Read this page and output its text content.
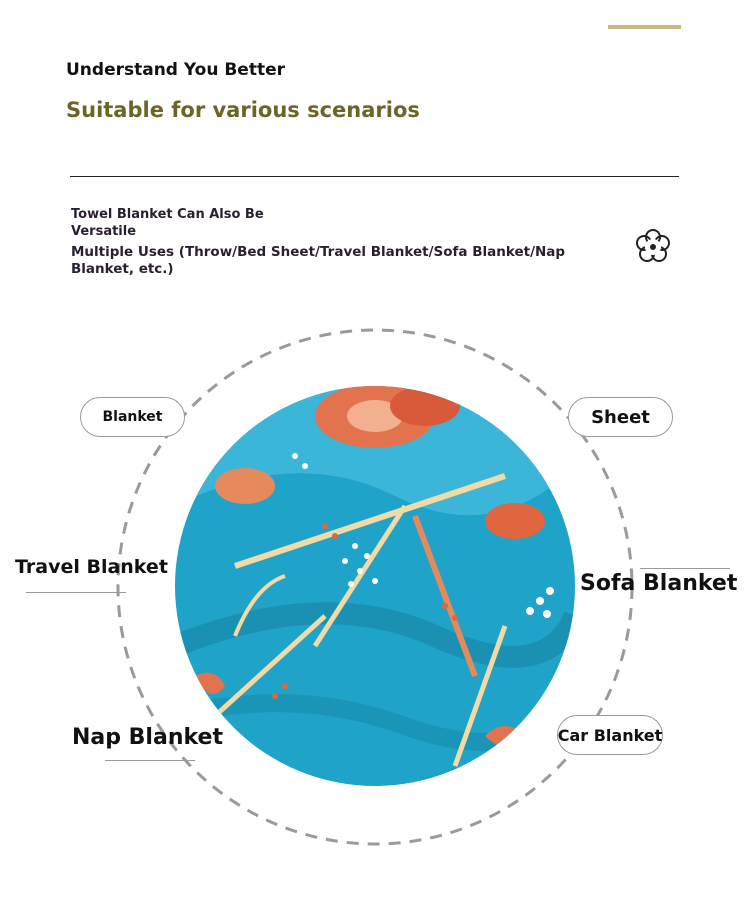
Understand You Better
Suitable for various scenarios
Towel Blanket Can Also Be Versatile
Multiple Uses (Throw/Bed Sheet/Travel Blanket/Sofa Blanket/Nap Blanket, etc.)
Blanket	Sheet
Travel Blanket
Sofa Blanket
Nap Blanket	Car Blanket
